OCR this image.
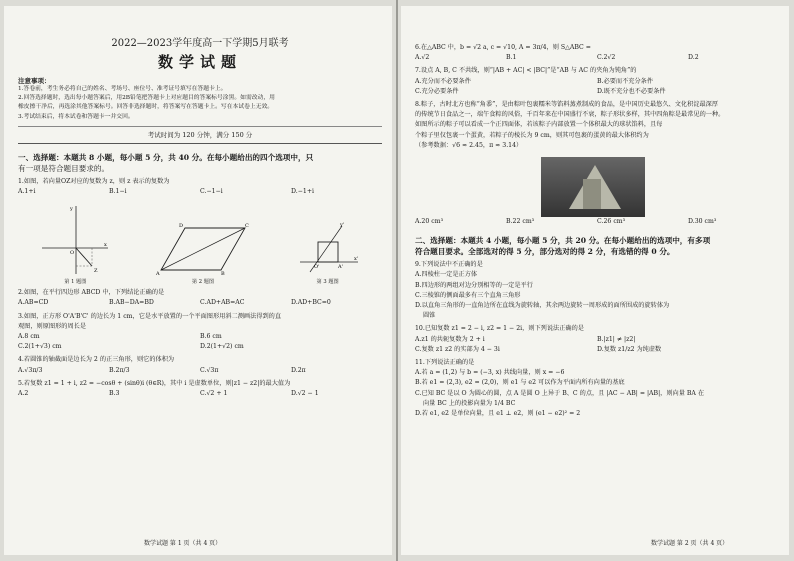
2022—2023学年度高一下学期5月联考
数学试题
注意事项：

1.答卷前，考生务必将自己的姓名、考场号、座位号、准考证号填写在答题卡上。

2.回答选择题时，选出每小题答案后，用2B铅笔把答题卡上对应题目的答案标号涂黑。如需改动，用

橡皮擦干净后，再选涂其他答案标号。回答非选择题时，将答案写在答题卡上。写在本试卷上无效。

3.考试结束后，将本试卷和答题卡一并交回。

考试时间为 120 分钟，满分 150 分
一、选择题：本题共 8 小题，每小题 5 分，共 40 分。在每小题给出的四个选项中，只
有一项是符合题目要求的。
1.如图，若向量OZ对应的复数为 z，则 z 表示的复数为
A.1+i	B.1−i	C.−1−i	D.−1+i
y
x
O
Z
第 1 题图
D	C
A	B
第 2 题图
y'
x'
O'	A'
第 3 题图
2.如图，在平行四边形 ABCD 中，下列结论正确的是
A.AB=CD	B.AB−DA=BD	C.AD+AB=AC	D.AD+BC=0
3.如图，正方形 O'A'B'C' 的边长为 1 cm，它是水平放置的一个平面图形用斜二测画法得到的直
观图，则原图形的周长是
A.8 cm	B.6 cm
C.2(1+√3) cm	D.2(1+√2) cm
4.若圆锥的轴截面是边长为 2 的正三角形，则它的体积为
A.√3π/3	B.2π/3	C.√3π	D.2π
5.若复数 z1 = 1 + i, z2 = −cosθ + (sinθ)i (θ∈R)，其中 i 是虚数单位，则|z1 − z2|的最大值为
A.2	B.3	C.√2 + 1	D.√2 − 1
数学试题 第 1 页（共 4 页）
6.在△ABC 中，b = √2 a, c = √10, A = 3π/4，则 S△ABC =
A.√2	B.1	C.2√2	D.2
7.设点 A, B, C 不共线，则“|AB + AC| < |BC|”是“AB 与 AC 的夹角为钝角”的
A.充分而不必要条件	B.必要而不充分条件
C.充分必要条件	D.既不充分也不必要条件
8.粽子，古时北方也称“角黍”，是由粽叶包裹糯米等馅料蒸煮制成的食品，是中国历史最悠久、文化积淀最深厚
的传统节日食品之一，端午食粽的风俗，千百年来在中国盛行不衰，粽子形状多样，其中四角粽是最常见的一种。
如图所示的粽子可以看成一个正四面体，若该粽子内部放置一个体积最大的球状馅料，且每
个粽子里仅包裹一个蛋黄，若粽子的棱长为 9 cm，则其可包裹的蛋黄的最大体积约为
（参考数据：√6 ≈ 2.45，π ≈ 3.14）
A.20 cm³	B.22 cm³	C.26 cm³	D.30 cm³
二、选择题：本题共 4 小题，每小题 5 分，共 20 分。在每小题给出的选项中，有多项
符合题目要求。全部选对的得 5 分，部分选对的得 2 分，有选错的得 0 分。
9.下列说法中不正确的是
A.四棱柱一定是正方体
B.四边形的两组对边分别相等的一定是平行
C.三棱锥的侧面最多有三个直角三角形
D.以直角三角形的一直角边所在直线为旋转轴，其余两边旋转一周形成的面所围成的旋转体为
圆锥
10.已知复数 z1 = 2 − i, z2 = 1 − 2i，则下列说法正确的是
A.z1 的共轭复数为 2 + i	B.|z1| ≠ |z2|
C.复数 z1 z2 的实部为 4 − 3i	D.复数 z1/z2 为纯虚数
11.下列说法正确的是
A.若 a = (1,2) 与 b = (−3, x) 共线向量，则 x = −6
B.若 e1 = (2,3), e2 = (2,0)，则 e1 与 e2 可以作为平面内所有向量的基底
C.已知 BC 是以 O 为圆心的圆，点 A 是圆 O 上异于 B、C 的点，且 |AC − AB| = |AB|，则向量 BA 在
向量 BC 上的投影向量为 1/4 BC
D.若 e1, e2 是单位向量，且 e1 ⊥ e2，则 (e1 − e2)² = 2
数学试题 第 2 页（共 4 页）
